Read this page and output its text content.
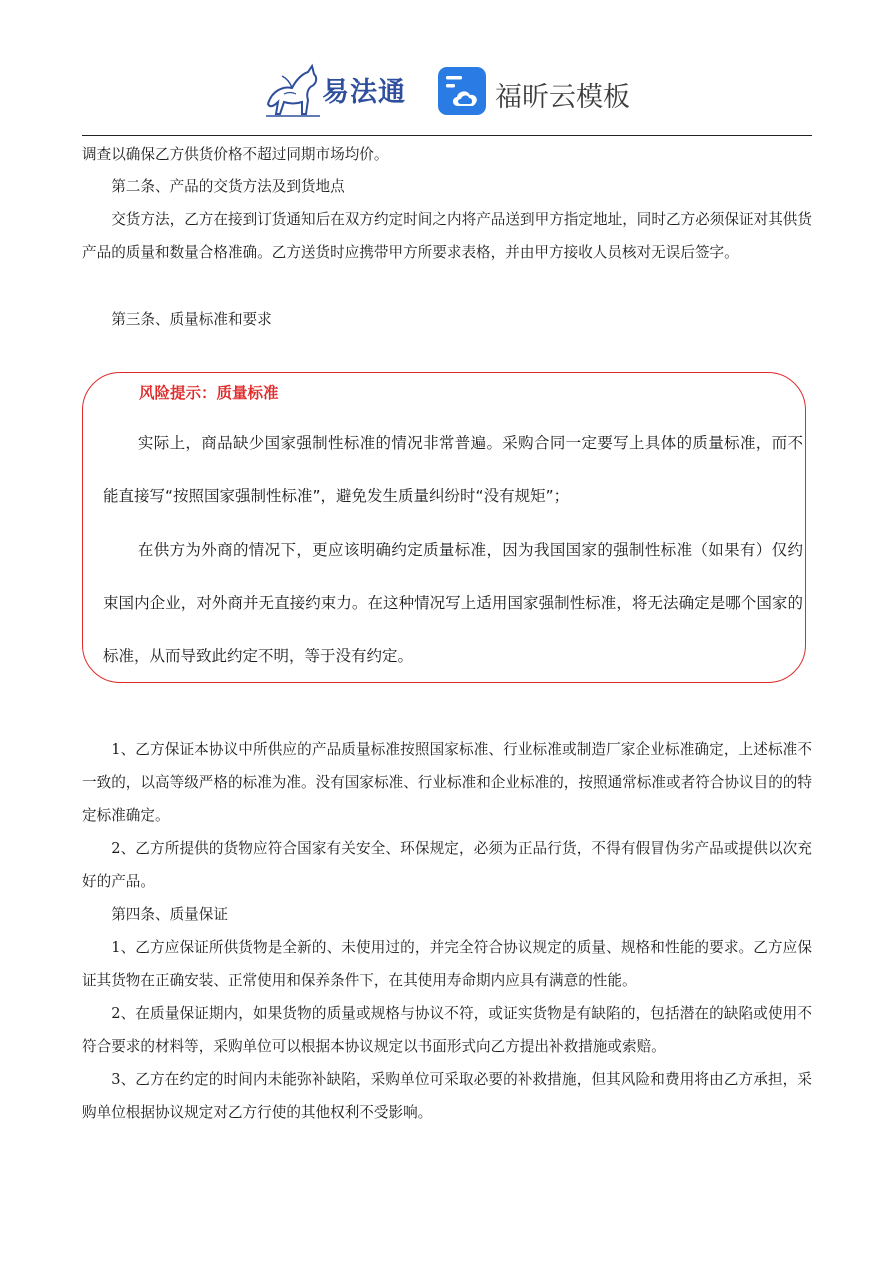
易法通	福昕云模板

调查以确保乙方供货价格不超过同期市场均价。

第二条、产品的交货方法及到货地点

交货方法，乙方在接到订货通知后在双方约定时间之内将产品送到甲方指定地址，同时乙方必须保证对其供货产品的质量和数量合格准确。乙方送货时应携带甲方所要求表格，并由甲方接收人员核对无误后签字。

第三条、质量标准和要求

风险提示：质量标准

实际上，商品缺少国家强制性标准的情况非常普遍。采购合同一定要写上具体的质量标准，而不能直接写“按照国家强制性标准”，避免发生质量纠纷时“没有规矩”；

在供方为外商的情况下，更应该明确约定质量标准，因为我国国家的强制性标准（如果有）仅约束国内企业，对外商并无直接约束力。在这种情况写上适用国家强制性标准，将无法确定是哪个国家的标准，从而导致此约定不明，等于没有约定。

1、乙方保证本协议中所供应的产品质量标准按照国家标准、行业标准或制造厂家企业标准确定，上述标准不一致的，以高等级严格的标准为准。没有国家标准、行业标准和企业标准的，按照通常标准或者符合协议目的的特定标准确定。

2、乙方所提供的货物应符合国家有关安全、环保规定，必须为正品行货，不得有假冒伪劣产品或提供以次充好的产品。

第四条、质量保证

1、乙方应保证所供货物是全新的、未使用过的，并完全符合协议规定的质量、规格和性能的要求。乙方应保证其货物在正确安装、正常使用和保养条件下，在其使用寿命期内应具有满意的性能。

2、在质量保证期内，如果货物的质量或规格与协议不符，或证实货物是有缺陷的，包括潜在的缺陷或使用不符合要求的材料等，采购单位可以根据本协议规定以书面形式向乙方提出补救措施或索赔。

3、乙方在约定的时间内未能弥补缺陷，采购单位可采取必要的补救措施，但其风险和费用将由乙方承担，采购单位根据协议规定对乙方行使的其他权利不受影响。
